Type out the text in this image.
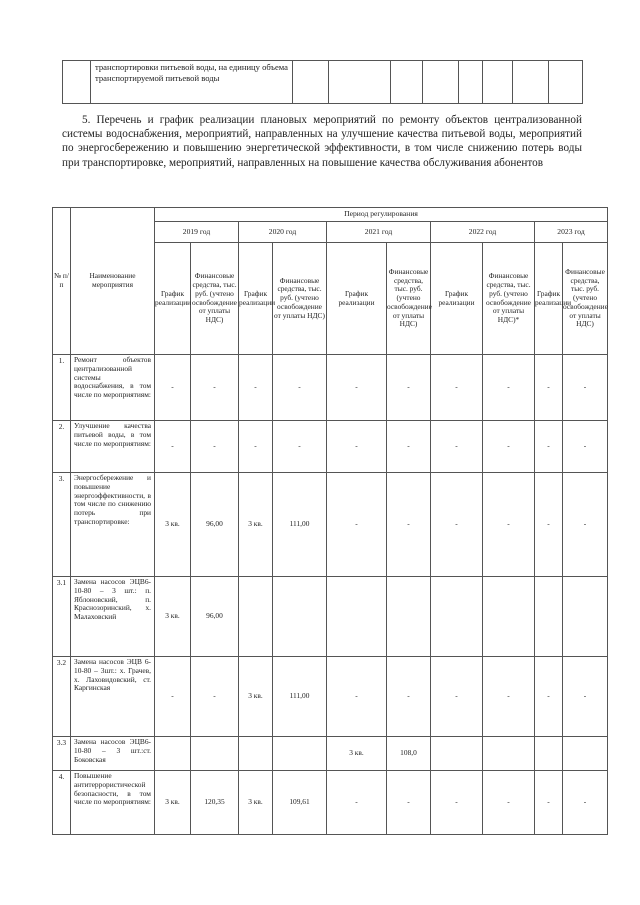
	транспортировки питьевой воды, на единицу объема транспортируемой питьевой воды								

5. Перечень и график реализации плановых мероприятий по ремонту объектов централизованной системы водоснабжения, мероприятий, направленных на улучшение качества питьевой воды, мероприятий по энергосбережению и повышению энергетической эффективности, в том числе снижению потерь воды при транспортировке, мероприятий, направленных на повышение качества обслуживания абонентов

№ п/п	Наименование мероприятия	Период регулирования									
		2019 год		2020 год		2021 год		2022 год		2023 год	
		График реализации	Финансовые средства, тыс. руб. (учтено освобождение от уплаты НДС)	График реализации	Финансовые средства, тыс. руб. (учтено освобождение от уплаты НДС)	График реализации	Финансовые средства, тыс. руб. (учтено освобождение от уплаты НДС)	График реализации	Финансовые средства, тыс. руб. (учтено освобождение от уплаты НДС)*	График реализации	Финансовые средства, тыс. руб. (учтено освобождение от уплаты НДС)
1.	Ремонт объектов централизованной системы водоснабжения, в том числе по мероприятиям:	-	-	-	-	-	-	-	-	-	-
2.	Улучшение качества питьевой воды, в том числе по мероприятиям:	-	-	-	-	-	-	-	-	-	-
3.	Энергосбережение и повышение энергоэффективности, в том числе по снижению потерь при транспортировке:	3 кв.	96,00	3 кв.	111,00	-	-	-	-	-	-
3.1	Замена насосов ЭЦВ6-10-80 – 3 шт.: п. Яблоновский, п. Краснозоринский, х. Малаховский	3 кв.	96,00								
3.2	Замена насосов ЭЦВ 6-10-80 – 3шт.: х. Грачев, х. Лаховидовский, ст. Каргинская	-	-	3 кв.	111,00	-	-	-	-	-	-
3.3	Замена насосов ЭЦВ6-10-80 – 3 шт.:ст. Боковская					3 кв.	108,0				
4.	Повышение антитеррористической безопасности, в том числе по мероприятиям:	3 кв.	120,35	3 кв.	109,61	-	-	-	-	-	-
